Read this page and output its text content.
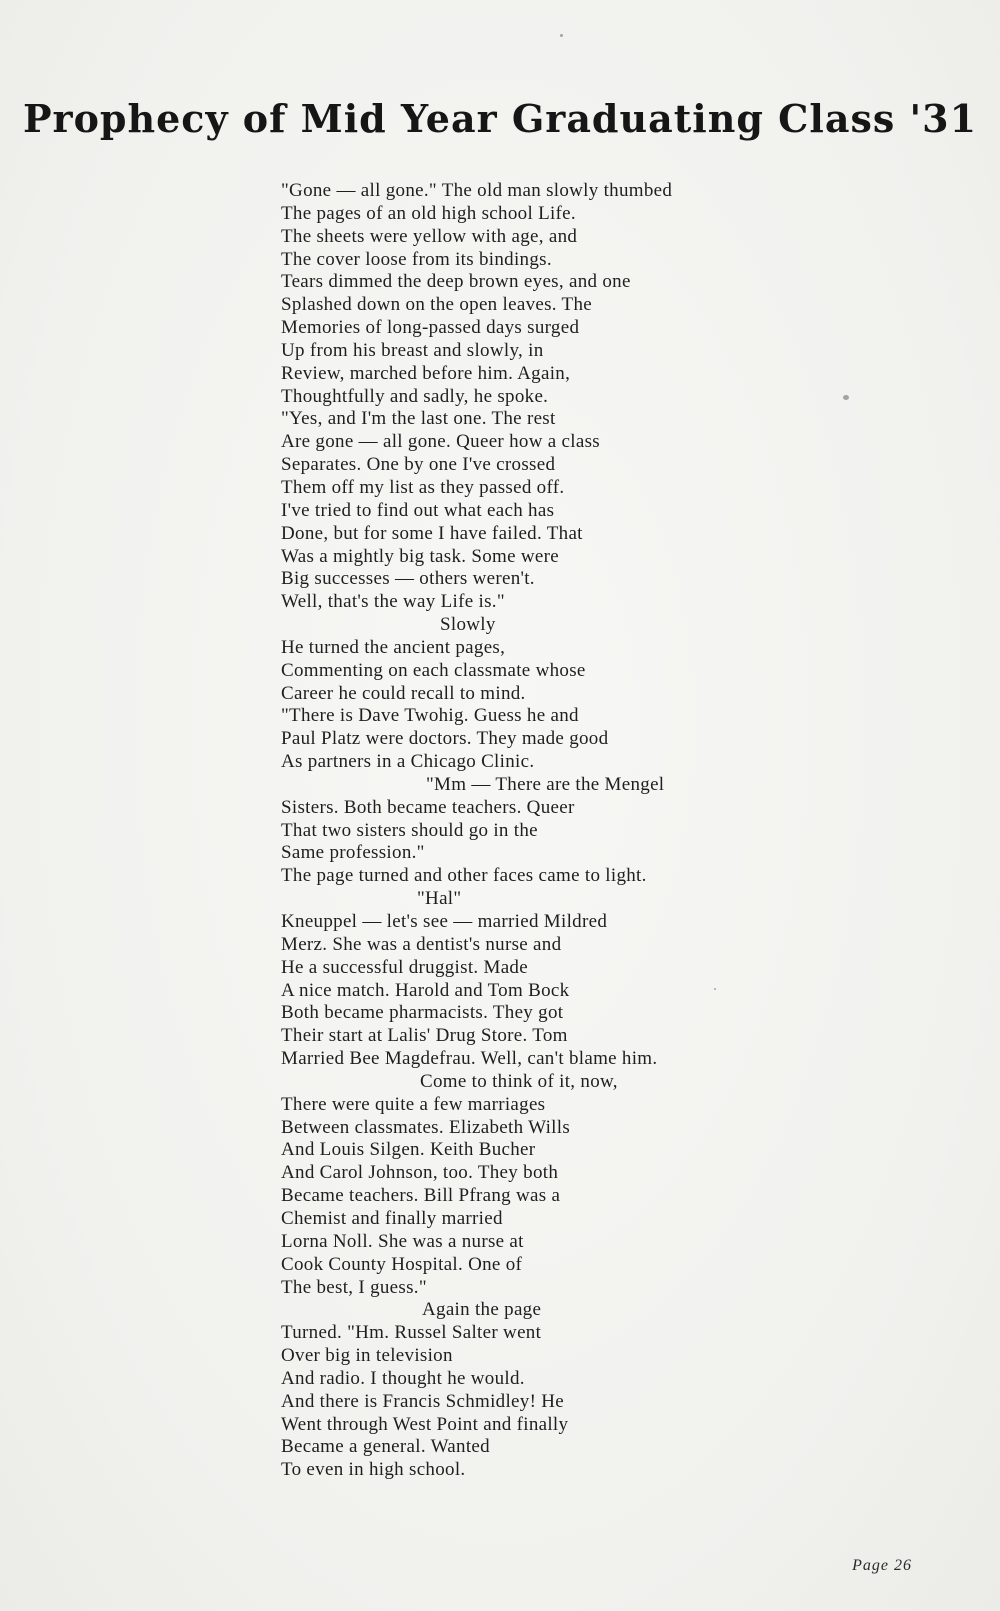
Prophecy of Mid Year Graduating Class '31
"Gone — all gone." The old man slowly thumbed
The pages of an old high school Life.
The sheets were yellow with age, and
The cover loose from its bindings.
Tears dimmed the deep brown eyes, and one
Splashed down on the open leaves. The
Memories of long-passed days surged
Up from his breast and slowly, in
Review, marched before him. Again,
Thoughtfully and sadly, he spoke.
"Yes, and I'm the last one. The rest
Are gone — all gone. Queer how a class
Separates. One by one I've crossed
Them off my list as they passed off.
I've tried to find out what each has
Done, but for some I have failed. That
Was a mightly big task. Some were
Big successes — others weren't.
Well, that's the way Life is."
Slowly
He turned the ancient pages,
Commenting on each classmate whose
Career he could recall to mind.
"There is Dave Twohig. Guess he and
Paul Platz were doctors. They made good
As partners in a Chicago Clinic.
"Mm — There are the Mengel
Sisters. Both became teachers. Queer
That two sisters should go in the
Same profession."
The page turned and other faces came to light.
"Hal"
Kneuppel — let's see — married Mildred
Merz. She was a dentist's nurse and
He a successful druggist. Made
A nice match. Harold and Tom Bock
Both became pharmacists. They got
Their start at Lalis' Drug Store. Tom
Married Bee Magdefrau. Well, can't blame him.
Come to think of it, now,
There were quite a few marriages
Between classmates. Elizabeth Wills
And Louis Silgen. Keith Bucher
And Carol Johnson, too. They both
Became teachers. Bill Pfrang was a
Chemist and finally married
Lorna Noll. She was a nurse at
Cook County Hospital. One of
The best, I guess."
Again the page
Turned. "Hm. Russel Salter went
Over big in television
And radio. I thought he would.
And there is Francis Schmidley! He
Went through West Point and finally
Became a general. Wanted
To even in high school.
Page 26
